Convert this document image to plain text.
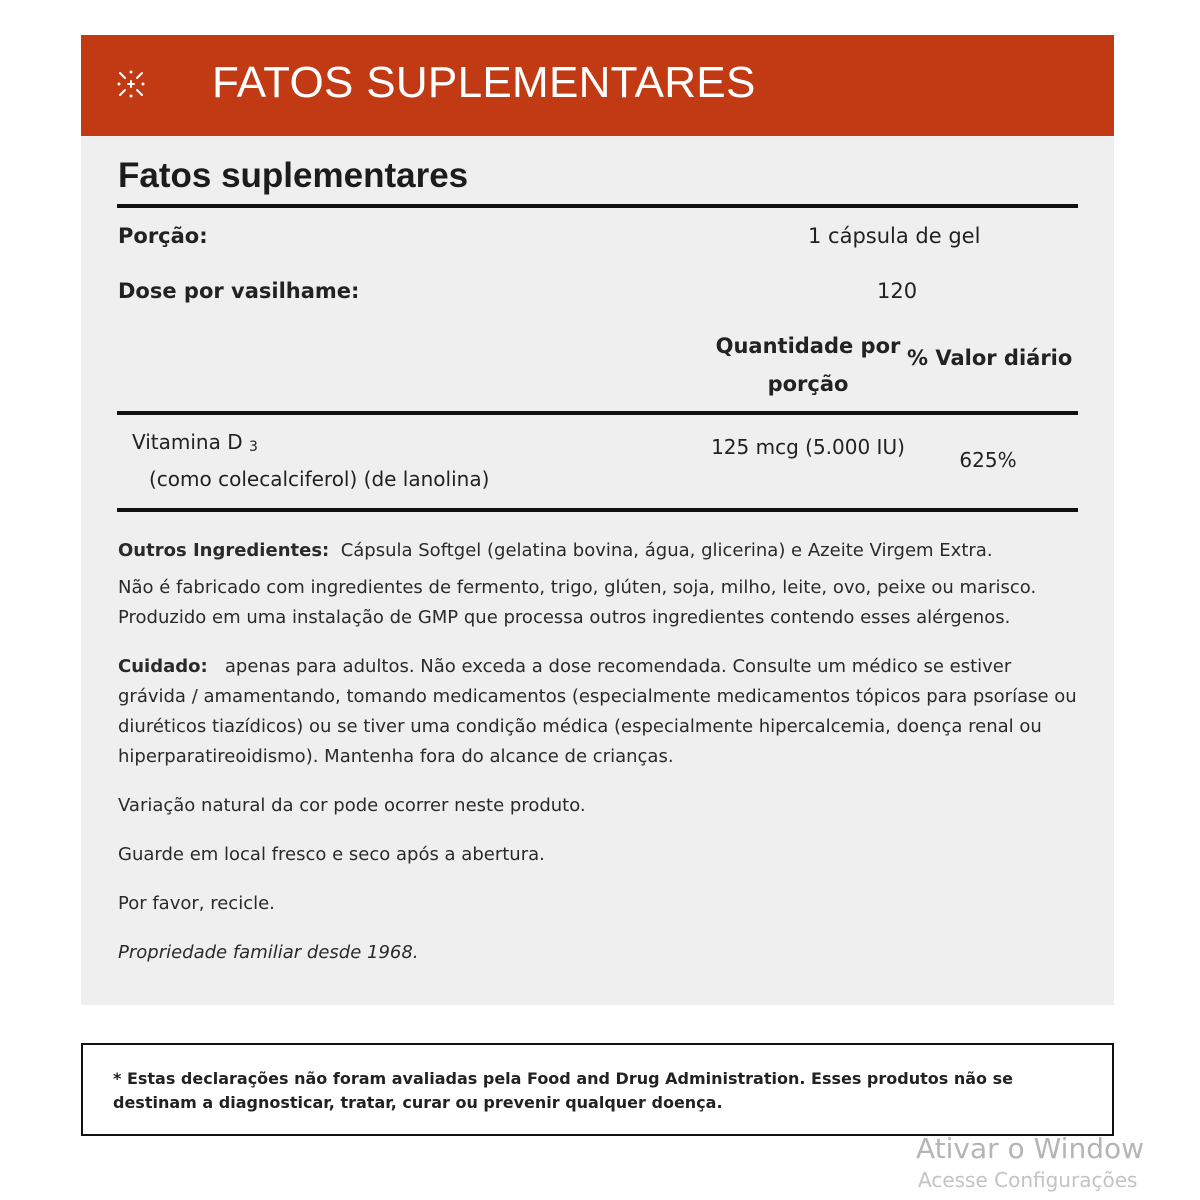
FATOS SUPLEMENTARES
Fatos suplementares
Porção:	1 cápsula de gel
Dose por vasilhame:	120
Quantidade por porção
% Valor diário
Vitamina D $_3$
(como colecalciferol) (de lanolina)
125 mcg (5.000 IU)
625%
Outros Ingredientes: Cápsula Softgel (gelatina bovina, água, glicerina) e Azeite Virgem Extra.
Não é fabricado com ingredientes de fermento, trigo, glúten, soja, milho, leite, ovo, peixe ou marisco. Produzido em uma instalação de GMP que processa outros ingredientes contendo esses alérgenos.
Cuidado: apenas para adultos. Não exceda a dose recomendada. Consulte um médico se estiver grávida / amamentando, tomando medicamentos (especialmente medicamentos tópicos para psoríase ou diuréticos tiazídicos) ou se tiver uma condição médica (especialmente hipercalcemia, doença renal ou hiperparatireoidismo). Mantenha fora do alcance de crianças.
Variação natural da cor pode ocorrer neste produto.
Guarde em local fresco e seco após a abertura.
Por favor, recicle.
Propriedade familiar desde 1968.
* Estas declarações não foram avaliadas pela Food and Drug Administration. Esses produtos não se destinam a diagnosticar, tratar, curar ou prevenir qualquer doença.
Ativar o Window
Acesse Configurações
